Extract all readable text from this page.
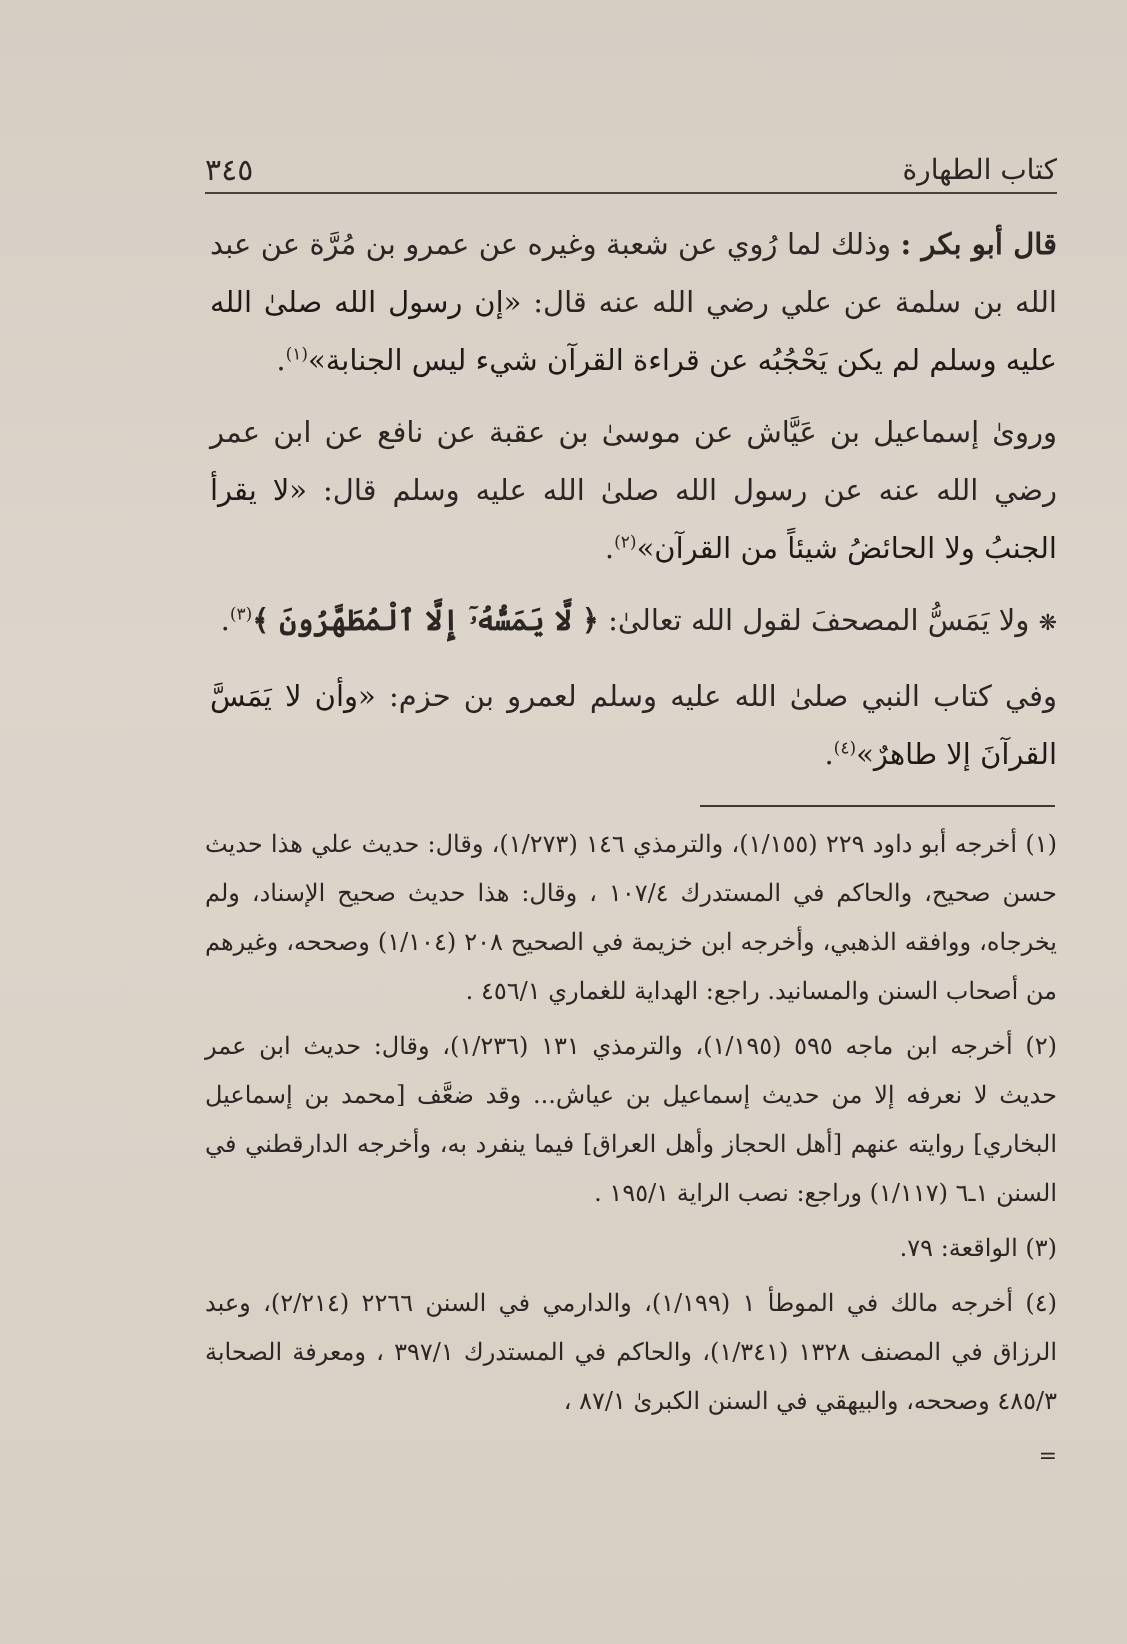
كتاب الطهارة
٣٤٥

قال أبو بكر : وذلك لما رُوي عن شعبة وغيره عن عمرو بن مُرَّة عن عبد الله بن سلمة عن علي رضي الله عنه قال: «إن رسول الله صلىٰ الله عليه وسلم لم يكن يَحْجُبُه عن قراءة القرآن شيء ليس الجنابة»$^{(١)}$.

ورویٰ إسماعيل بن عَيَّاش عن موسىٰ بن عقبة عن نافع عن ابن عمر رضي الله عنه عن رسول الله صلىٰ الله عليه وسلم قال: «لا يقرأ الجنبُ ولا الحائضُ شيئاً من القرآن»$^{(٢)}$.

❋ ولا يَمَسُّ المصحفَ لقول الله تعالىٰ: ﴿ لَّا يَمَسُّهُۥٓ إِلَّا ٱلْمُطَهَّرُونَ ﴾$^{(٣)}$.

وفي كتاب النبي صلىٰ الله عليه وسلم لعمرو بن حزم: «وأن لا يَمَسَّ القرآنَ إلا طاهرٌ»$^{(٤)}$.

(١) أخرجه أبو داود ٢٢٩ (١/١٥٥)، والترمذي ١٤٦ (١/٢٧٣)، وقال: حديث علي هذا حديث حسن صحيح، والحاكم في المستدرك ١٠٧/٤ ، وقال: هذا حديث صحيح الإسناد، ولم يخرجاه، ووافقه الذهبي، وأخرجه ابن خزيمة في الصحيح ٢٠٨ (١/١٠٤) وصححه، وغيرهم من أصحاب السنن والمسانيد. راجع: الهداية للغماري ٤٥٦/١ .

(٢) أخرجه ابن ماجه ٥٩٥ (١/١٩٥)، والترمذي ١٣١ (١/٢٣٦)، وقال: حديث ابن عمر حديث لا نعرفه إلا من حديث إسماعيل بن عياش... وقد ضعَّف [محمد بن إسماعيل البخاري] روايته عنهم [أهل الحجاز وأهل العراق] فيما ينفرد به، وأخرجه الدارقطني في السنن ١ـ٦ (١/١١٧) وراجع: نصب الراية ١٩٥/١ .

(٣) الواقعة: ٧٩.

(٤) أخرجه مالك في الموطأ ١ (١/١٩٩)، والدارمي في السنن ٢٢٦٦ (٢/٢١٤)، وعبد الرزاق في المصنف ١٣٢٨ (١/٣٤١)، والحاكم في المستدرك ٣٩٧/١ ، ومعرفة الصحابة ٤٨٥/٣ وصححه، والبيهقي في السنن الكبرىٰ ٨٧/١ ،

=
